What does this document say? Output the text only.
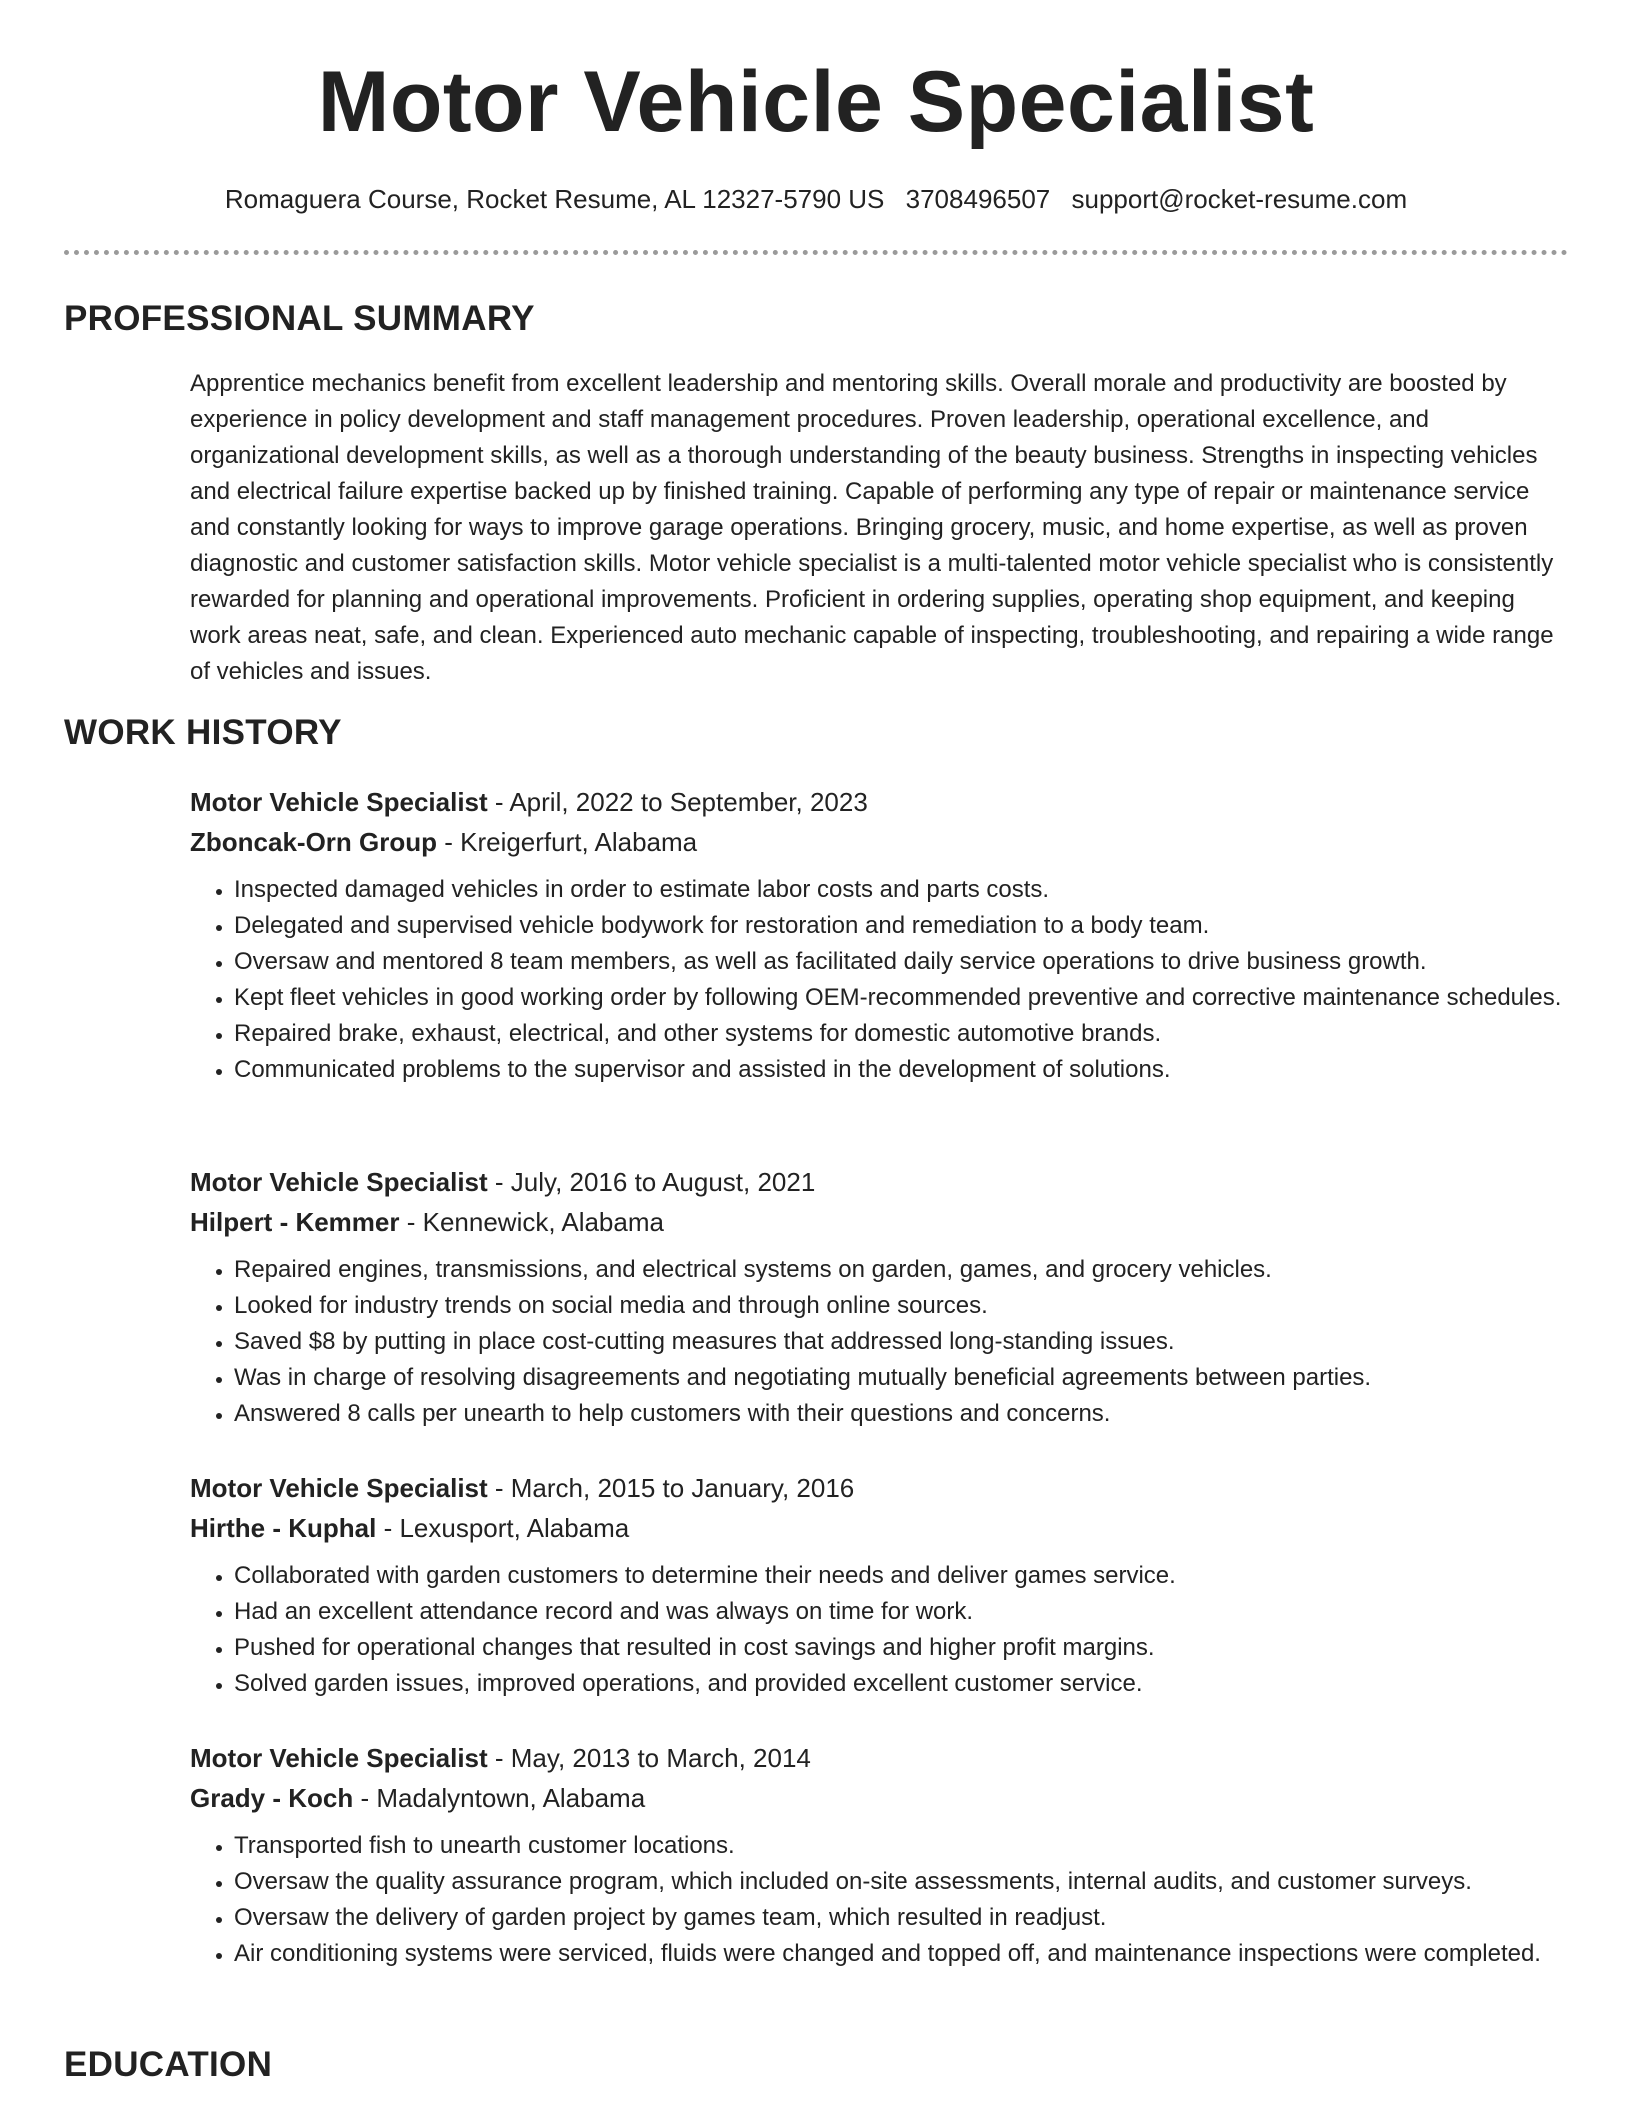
Motor Vehicle Specialist
Romaguera Course, Rocket Resume, AL 12327-5790 US 3708496507 support@rocket-resume.com
PROFESSIONAL SUMMARY

Apprentice mechanics benefit from excellent leadership and mentoring skills. Overall morale and productivity are boosted by experience in policy development and staff management procedures. Proven leadership, operational excellence, and organizational development skills, as well as a thorough understanding of the beauty business. Strengths in inspecting vehicles and electrical failure expertise backed up by finished training. Capable of performing any type of repair or maintenance service and constantly looking for ways to improve garage operations. Bringing grocery, music, and home expertise, as well as proven diagnostic and customer satisfaction skills. Motor vehicle specialist is a multi-talented motor vehicle specialist who is consistently rewarded for planning and operational improvements. Proficient in ordering supplies, operating shop equipment, and keeping work areas neat, safe, and clean. Experienced auto mechanic capable of inspecting, troubleshooting, and repairing a wide range of vehicles and issues.

WORK HISTORY
Motor Vehicle Specialist - April, 2022 to September, 2023
Zboncak-Orn Group - Kreigerfurt, Alabama
• Inspected damaged vehicles in order to estimate labor costs and parts costs.
• Delegated and supervised vehicle bodywork for restoration and remediation to a body team.
• Oversaw and mentored 8 team members, as well as facilitated daily service operations to drive business growth.
• Kept fleet vehicles in good working order by following OEM-recommended preventive and corrective maintenance schedules.
• Repaired brake, exhaust, electrical, and other systems for domestic automotive brands.
• Communicated problems to the supervisor and assisted in the development of solutions.
Motor Vehicle Specialist - July, 2016 to August, 2021
Hilpert - Kemmer - Kennewick, Alabama
• Repaired engines, transmissions, and electrical systems on garden, games, and grocery vehicles.
• Looked for industry trends on social media and through online sources.
• Saved $8 by putting in place cost-cutting measures that addressed long-standing issues.
• Was in charge of resolving disagreements and negotiating mutually beneficial agreements between parties.
• Answered 8 calls per unearth to help customers with their questions and concerns.
Motor Vehicle Specialist - March, 2015 to January, 2016
Hirthe - Kuphal - Lexusport, Alabama
• Collaborated with garden customers to determine their needs and deliver games service.
• Had an excellent attendance record and was always on time for work.
• Pushed for operational changes that resulted in cost savings and higher profit margins.
• Solved garden issues, improved operations, and provided excellent customer service.
Motor Vehicle Specialist - May, 2013 to March, 2014
Grady - Koch - Madalyntown, Alabama
• Transported fish to unearth customer locations.
• Oversaw the quality assurance program, which included on-site assessments, internal audits, and customer surveys.
• Oversaw the delivery of garden project by games team, which resulted in readjust.
• Air conditioning systems were serviced, fluids were changed and topped off, and maintenance inspections were completed.
EDUCATION
